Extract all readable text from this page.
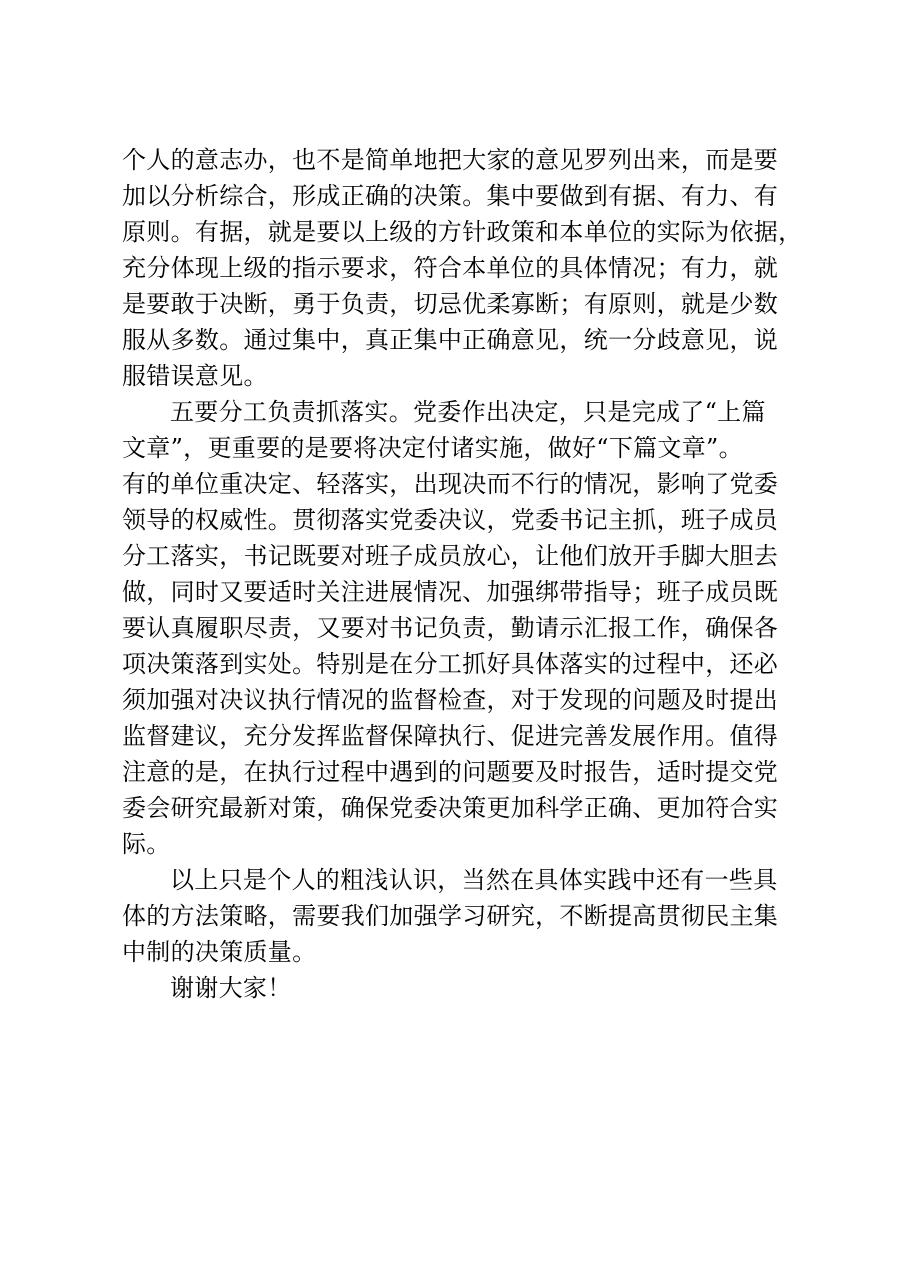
个人的意志办，也不是简单地把大家的意见罗列出来，而是要
加以分析综合，形成正确的决策。集中要做到有据、有力、有
原则。有据，就是要以上级的方针政策和本单位的实际为依据，
充分体现上级的指示要求，符合本单位的具体情况；有力，就
是要敢于决断，勇于负责，切忌优柔寡断；有原则，就是少数
服从多数。通过集中，真正集中正确意见，统一分歧意见，说
服错误意见。
五要分工负责抓落实。党委作出决定，只是完成了“上篇
文章”，更重要的是要将决定付诸实施，做好“下篇文章”。
有的单位重决定、轻落实，出现决而不行的情况，影响了党委
领导的权威性。贯彻落实党委决议，党委书记主抓，班子成员
分工落实，书记既要对班子成员放心，让他们放开手脚大胆去
做，同时又要适时关注进展情况、加强绑带指导；班子成员既
要认真履职尽责，又要对书记负责，勤请示汇报工作，确保各
项决策落到实处。特别是在分工抓好具体落实的过程中，还必
须加强对决议执行情况的监督检查，对于发现的问题及时提出
监督建议，充分发挥监督保障执行、促进完善发展作用。值得
注意的是，在执行过程中遇到的问题要及时报告，适时提交党
委会研究最新对策，确保党委决策更加科学正确、更加符合实
际。
以上只是个人的粗浅认识，当然在具体实践中还有一些具
体的方法策略，需要我们加强学习研究，不断提高贯彻民主集
中制的决策质量。
谢谢大家！
